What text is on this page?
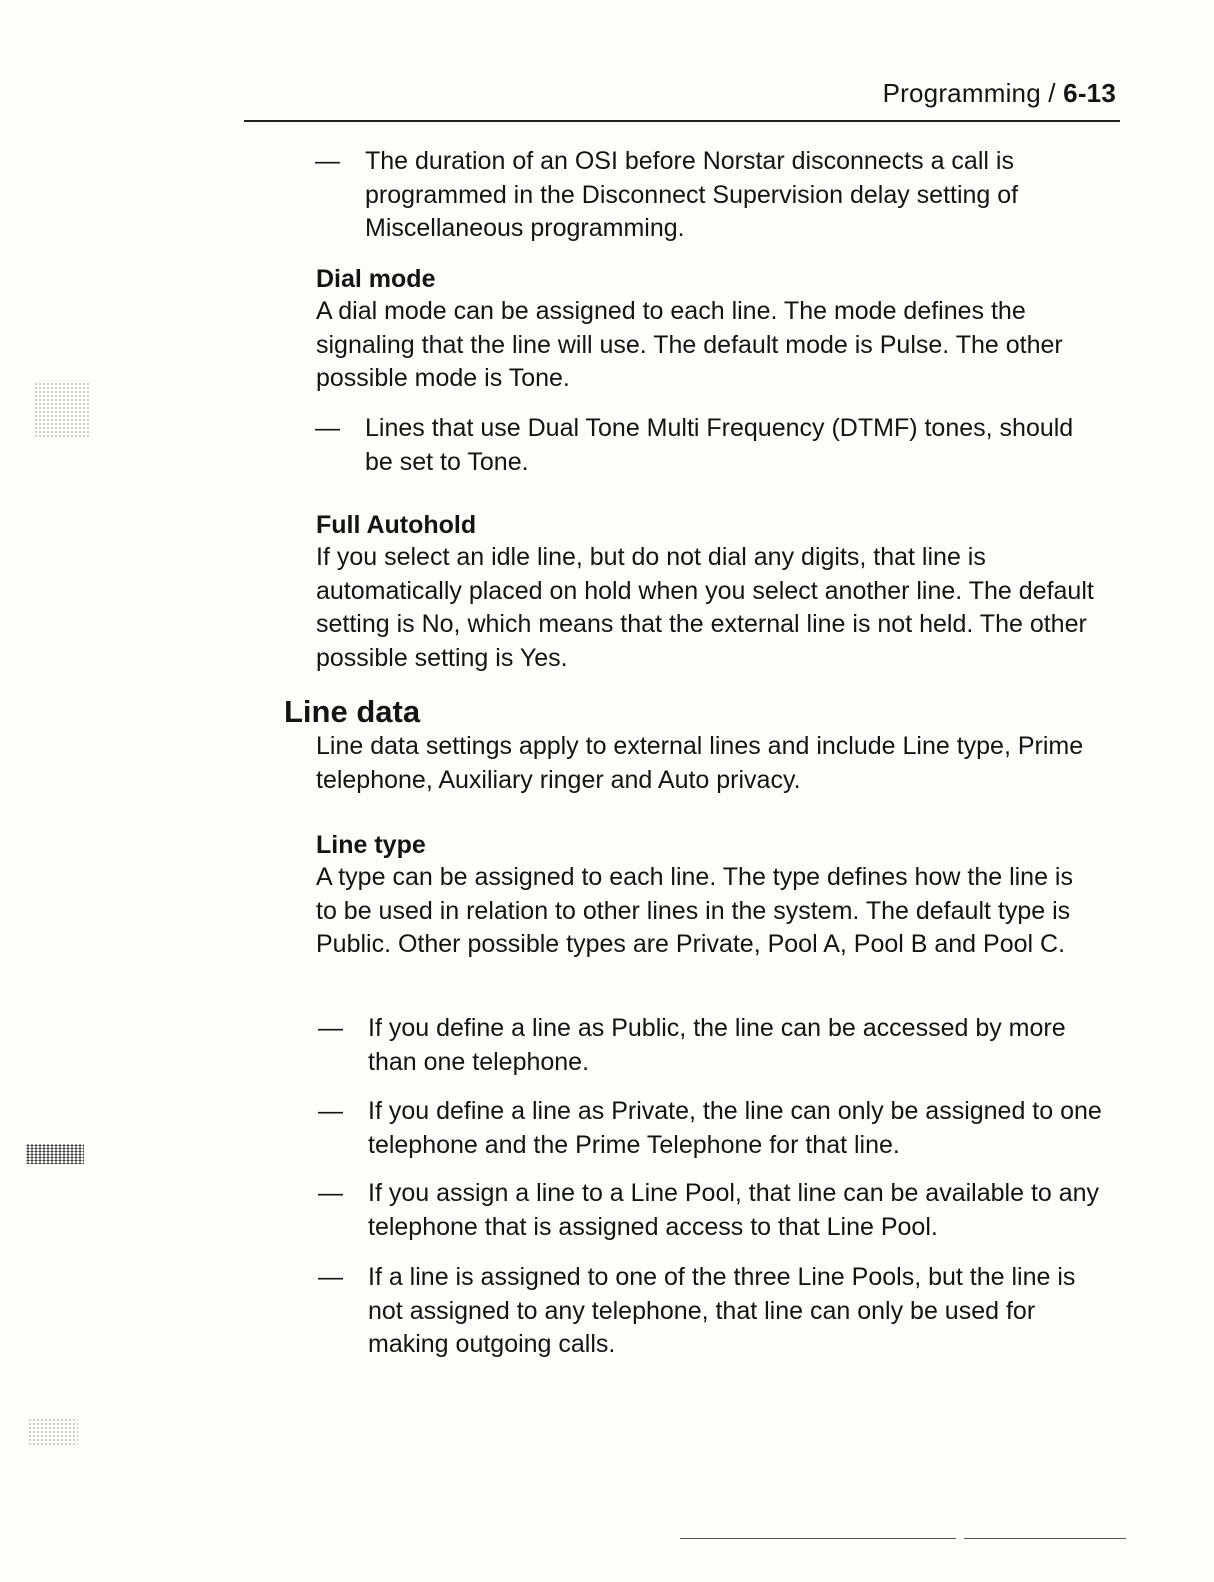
Programming / 6-13
— The duration of an OSI before Norstar disconnects a call is programmed in the Disconnect Supervision delay setting of Miscellaneous programming.
Dial mode
A dial mode can be assigned to each line. The mode defines the signaling that the line will use. The default mode is Pulse. The other possible mode is Tone.
— Lines that use Dual Tone Multi Frequency (DTMF) tones, should be set to Tone.
Full Autohold
If you select an idle line, but do not dial any digits, that line is automatically placed on hold when you select another line. The default setting is No, which means that the external line is not held. The other possible setting is Yes.
Line data
Line data settings apply to external lines and include Line type, Prime telephone, Auxiliary ringer and Auto privacy.
Line type
A type can be assigned to each line. The type defines how the line is to be used in relation to other lines in the system. The default type is Public. Other possible types are Private, Pool A, Pool B and Pool C.
— If you define a line as Public, the line can be accessed by more than one telephone.
— If you define a line as Private, the line can only be assigned to one telephone and the Prime Telephone for that line.
— If you assign a line to a Line Pool, that line can be available to any telephone that is assigned access to that Line Pool.
— If a line is assigned to one of the three Line Pools, but the line is not assigned to any telephone, that line can only be used for making outgoing calls.
